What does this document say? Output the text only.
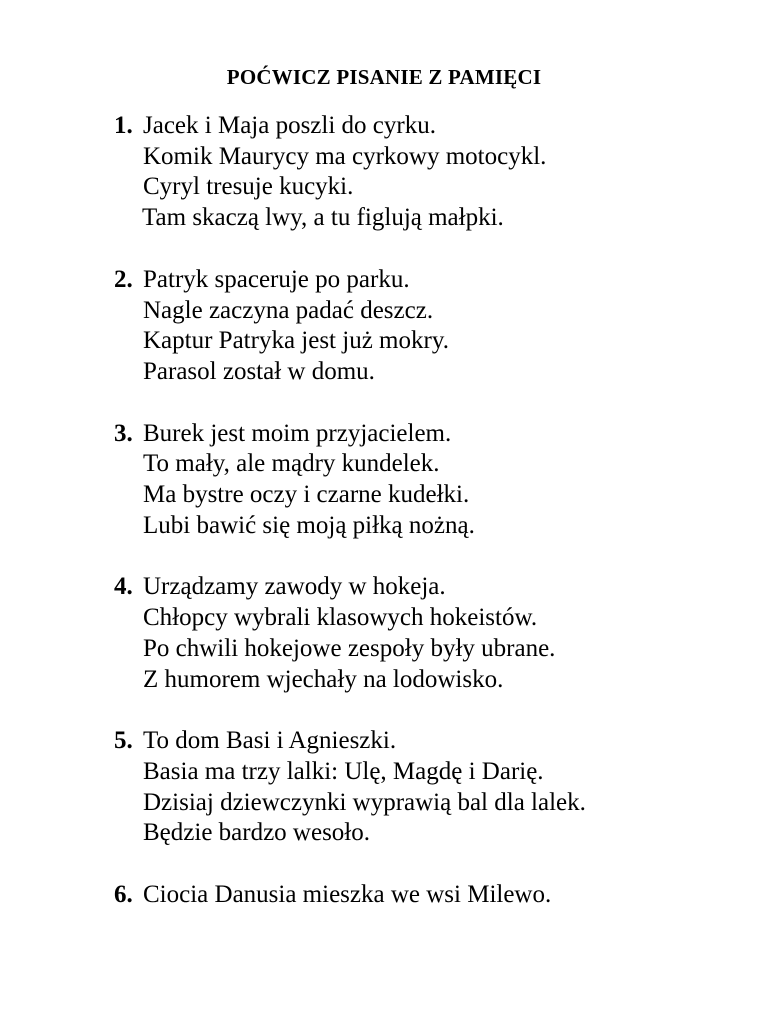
POĆWICZ PISANIE Z PAMIĘCI
1. Jacek i Maja poszli do cyrku.
Komik Maurycy ma cyrkowy motocykl.
Cyryl tresuje kucyki.
Tam skaczą lwy, a tu figlują małpki.
2. Patryk spaceruje po parku.
Nagle zaczyna padać deszcz.
Kaptur Patryka jest już mokry.
Parasol został w domu.
3. Burek jest moim przyjacielem.
To mały, ale mądry kundelek.
Ma bystre oczy i czarne kudełki.
Lubi bawić się moją piłką nożną.
4. Urządzamy zawody w hokeja.
Chłopcy wybrali klasowych hokeistów.
Po chwili hokejowe zespoły były ubrane.
Z humorem wjechały na lodowisko.
5. To dom Basi i Agnieszki.
Basia ma trzy lalki: Ulę, Magdę i Darię.
Dzisiaj dziewczynki wyprawią bal dla lalek.
Będzie bardzo wesoło.
6. Ciocia Danusia mieszka we wsi Milewo.
